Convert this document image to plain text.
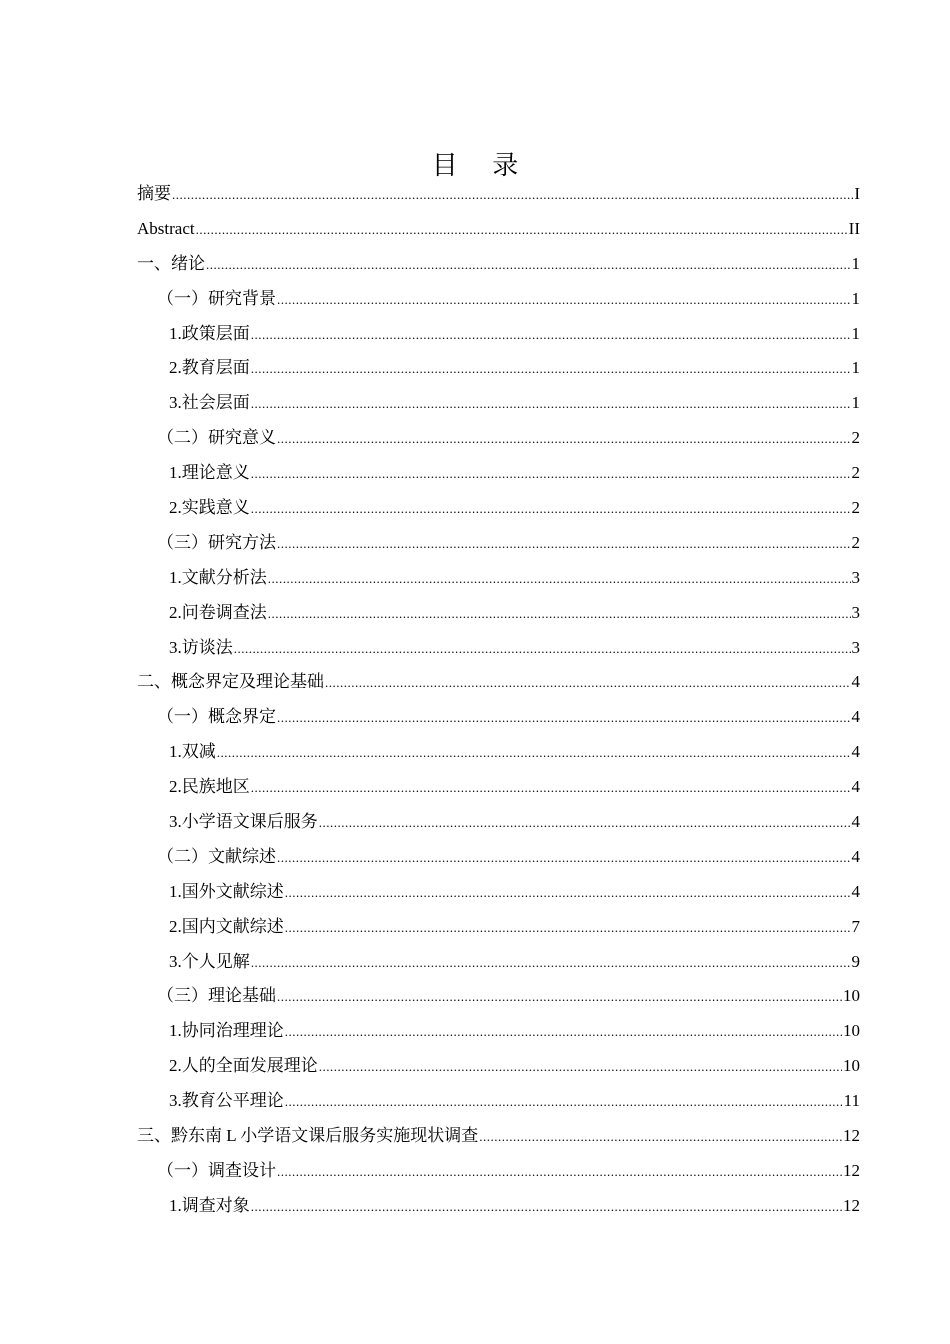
目 录
摘要 .....	I
Abstract .....	II
一、绪论 .....	1
（一）研究背景 .....	1
1.政策层面 .....	1
2.教育层面 .....	1
3.社会层面 .....	1
（二）研究意义 .....	2
1.理论意义 .....	2
2.实践意义 .....	2
（三）研究方法 .....	2
1.文献分析法 .....	3
2.问卷调查法 .....	3
3.访谈法 .....	3
二、概念界定及理论基础 .....	4
（一）概念界定 .....	4
1.双减 .....	4
2.民族地区 .....	4
3.小学语文课后服务 .....	4
（二）文献综述 .....	4
1.国外文献综述 .....	4
2.国内文献综述 .....	7
3.个人见解 .....	9
（三）理论基础 .....	10
1.协同治理理论 .....	10
2.人的全面发展理论 .....	10
3.教育公平理论 .....	11
三、黔东南 L 小学语文课后服务实施现状调查 .....	12
（一）调查设计 .....	12
1.调查对象 .....	12
